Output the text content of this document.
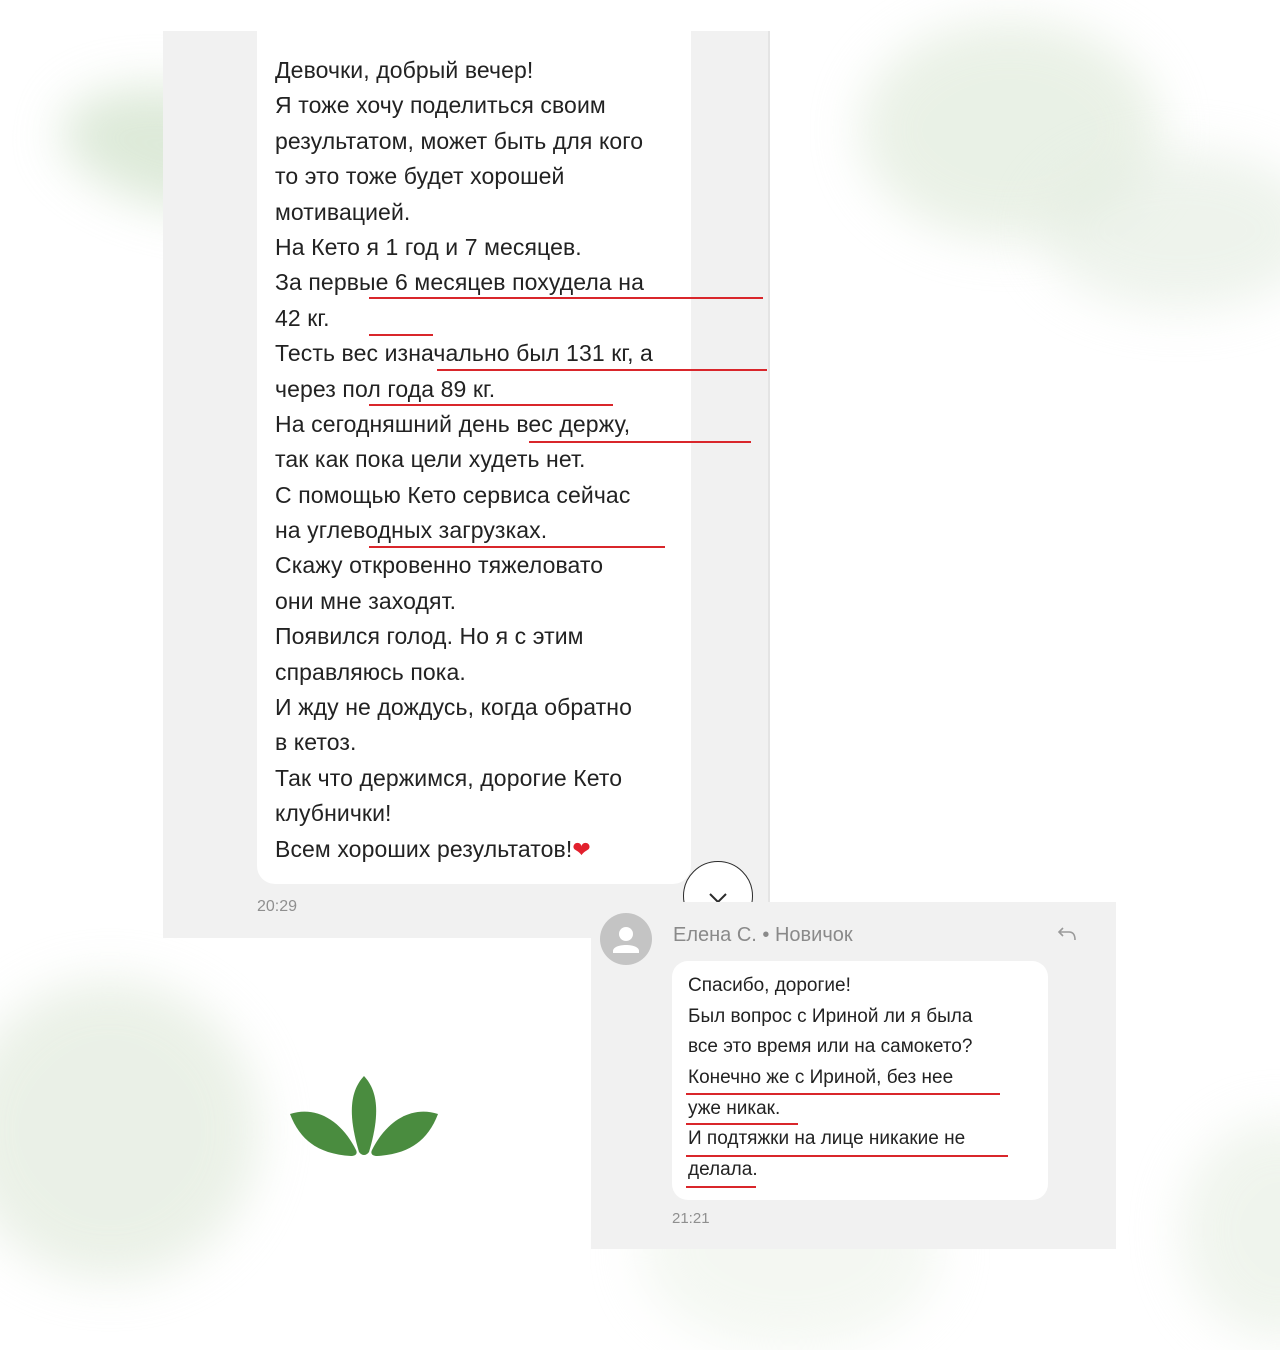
Девочки, добрый вечер!
Я тоже хочу поделиться своим
результатом, может быть для кого
то это тоже будет хорошей
мотивацией.
На Кето я 1 год и 7 месяцев.
За первые 6 месяцев похудела на
42 кг.
Тесть вес изначально был 131 кг, а
через пол года 89 кг.
На сегодняшний день вес держу,
так как пока цели худеть нет.
С помощью Кето сервиса сейчас
на углеводных загрузках.
Скажу откровенно тяжеловато
они мне заходят.
Появился голод. Но я с этим
справляюсь пока.
И жду не дождусь, когда обратно
в кетоз.
Так что держимся, дорогие Кето
клубнички!
Всем хороших результатов!❤
20:29
Елена С. • Новичок
Спасибо, дорогие!
Был вопрос с Ириной ли я была
все это время или на самокето?
Конечно же с Ириной, без нее
уже никак.
И подтяжки на лице никакие не
делала.
21:21
